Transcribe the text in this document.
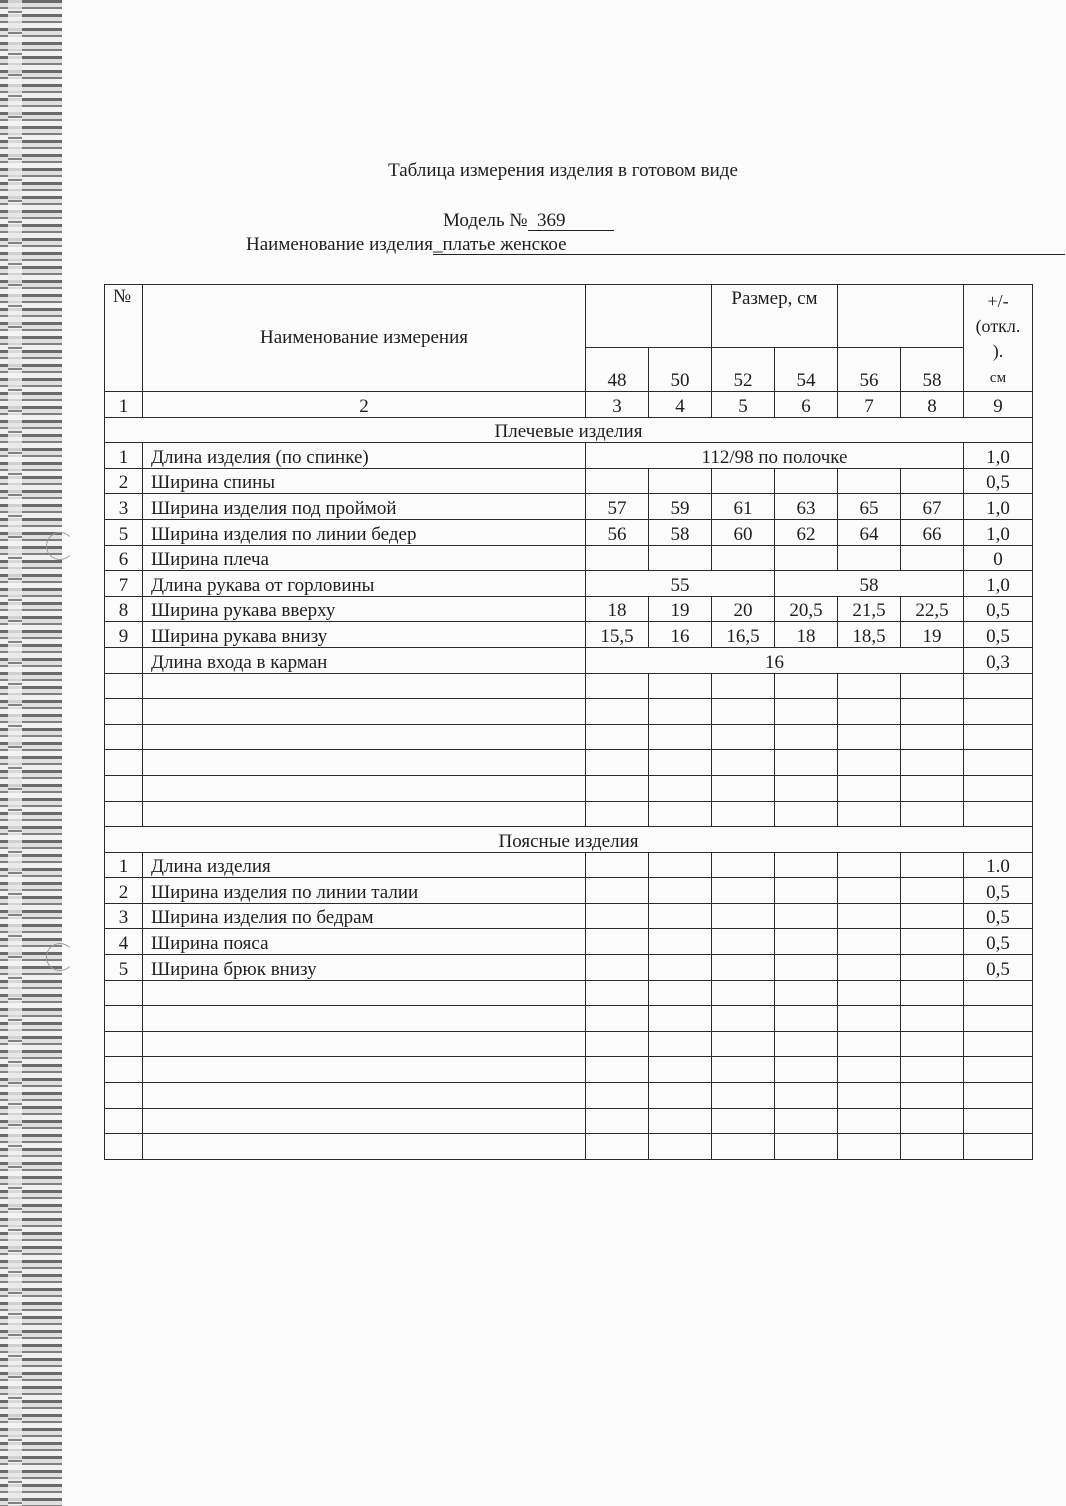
Таблица измерения изделия в готовом виде
Модель № 369
Наименование изделия_платье женское
№	Наименование измерения			Размер, см				+/-
(откл.
).
см
		48	50	52	54	56	58	
1	2	3	4	5	6	7	8	9
Плечевые изделия								
1	Длина изделия (по спинке)	112/98 по полочке						1,0
2	Ширина спины							0,5
3	Ширина изделия под проймой	57	59	61	63	65	67	1,0
5	Ширина изделия по линии бедер	56	58	60	62	64	66	1,0
6	Ширина плеча							0
7	Длина рукава от горловины	55			58			1,0
8	Ширина рукава вверху	18	19	20	20,5	21,5	22,5	0,5
9	Ширина рукава внизу	15,5	16	16,5	18	18,5	19	0,5
	Длина входа в карман	16						0,3

Поясные изделия								
1	Длина изделия							1.0
2	Ширина изделия по линии талии							0,5
3	Ширина изделия по бедрам							0,5
4	Ширина пояса							0,5
5	Ширина брюк внизу							0,5
